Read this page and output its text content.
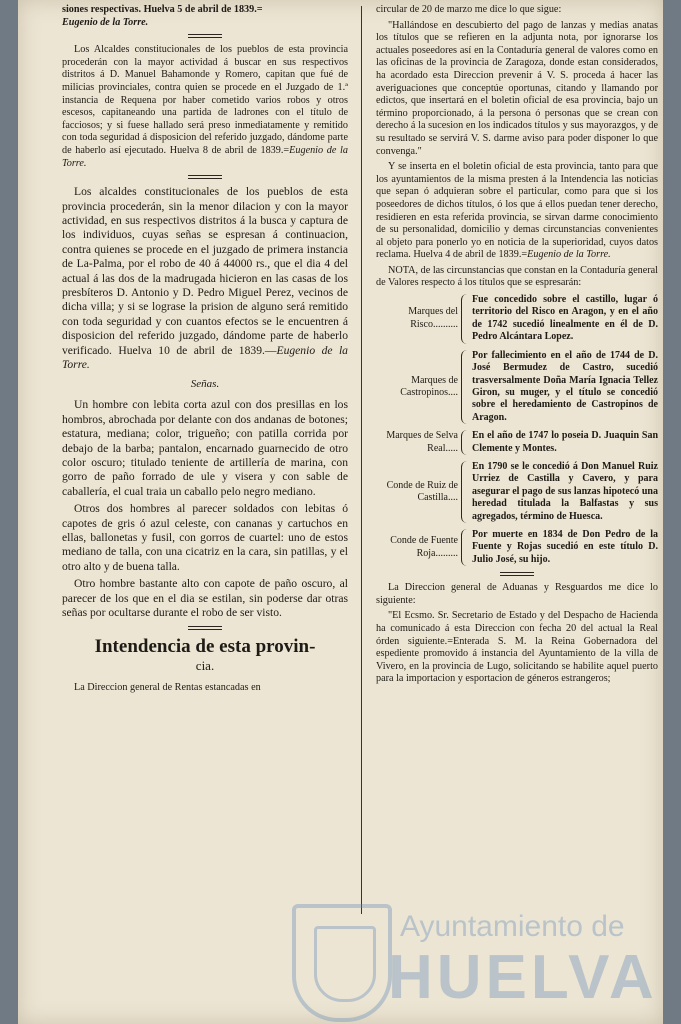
siones respectivas. Huelva 5 de abril de 1839.=
Eugenio de la Torre.

Los Alcaldes constitucionales de los pueblos de esta provincia procederán con la mayor actividad á buscar en sus respectivos distritos á D. Manuel Bahamonde y Romero, capitan que fué de milicias provinciales, contra quien se procede en el Juzgado de 1.ª instancia de Requena por haber cometido varios robos y otros escesos, capitaneando una partida de ladrones con el título de facciosos; y si fuese hallado será preso inmediatamente y remitido con toda seguridad á disposicion del referido juzgado, dándome parte de haberlo así ejecutado. Huelva 8 de abril de 1839.=Eugenio de la Torre.

Los alcaldes constitucionales de los pueblos de esta provincia procederán, sin la menor dilacion y con la mayor actividad, en sus respectivos distritos á la busca y captura de los individuos, cuyas señas se espresan á continuacion, contra quienes se procede en el juzgado de primera instancia de La-Palma, por el robo de 40 á 44000 rs., que el dia 4 del actual á las dos de la madrugada hicieron en las casas de los presbíteros D. Antonio y D. Pedro Miguel Perez, vecinos de dicha villa; y si se lograse la prision de alguno será remitido con toda seguridad y con cuantos efectos se le encuentren á disposicion del referido juzgado, dándome parte de haberlo verificado. Huelva 10 de abril de 1839.—Eugenio de la Torre.

Señas.

Un hombre con lebita corta azul con dos presillas en los hombros, abrochada por delante con dos andanas de botones; estatura, mediana; color, trigueño; con patilla corrida por debajo de la barba; pantalon, encarnado guarnecido de otro color oscuro; titulado teniente de artillería de marina, con gorro de paño forrado de ule y visera y con sable de caballería, el cual traia un caballo pelo negro mediano.

Otros dos hombres al parecer soldados con lebitas ó capotes de gris ó azul celeste, con cananas y cartuchos en ellas, ballonetas y fusil, con gorros de cuartel: uno de estos mediano de talla, con una cicatriz en la cara, sin patillas, y el otro alto y de buena talla.

Otro hombre bastante alto con capote de paño oscuro, al parecer de los que en el dia se estilan, sin poderse dar otras señas por ocultarse durante el robo de ser visto.

Intendencia de esta provin-
cia.

La Direccion general de Rentas estancadas en

circular de 20 de marzo me dice lo que sigue:

"Hallándose en descubierto del pago de lanzas y medias anatas los títulos que se refieren en la adjunta nota, por ignorarse los actuales poseedores así en la Contaduría general de valores como en las oficinas de la provincia de Zaragoza, donde estan considerados, ha acordado esta Direccion prevenir á V. S. proceda á hacer las averiguaciones que conceptúe oportunas, citando y llamando por edictos, que insertará en el boletin oficial de esa provincia, bajo un término proporcionado, á la persona ó personas que se crean con derecho á la sucesion en los indicados títulos y sus mayorazgos, y de su resultado se servirá V. S. darme aviso para poder disponer lo que convenga."

Y se inserta en el boletin oficial de esta provincia, tanto para que los ayuntamientos de la misma presten á la Intendencia las noticias que sepan ó adquieran sobre el particular, como para que si los poseedores de dichos títulos, ó los que á ellos puedan tener derecho, residieren en esta referida provincia, se sirvan darme conocimiento de su personalidad, domicilio y demas circunstancias convenientes al objeto para ponerlo yo en noticia de la superioridad, cuyos datos reclama. Huelva 4 de abril de 1839.=Eugenio de la Torre.

NOTA, de las circunstancias que constan en la Contaduría general de Valores respecto á los títulos que se espresarán:

Marques del Risco..........
Fue concedido sobre el castillo, lugar ó territorio del Risco en Aragon, y en el año de 1742 sucedió linealmente en él de D. Pedro Alcántara Lopez.
Marques de Castropinos....
Por fallecimiento en el año de 1744 de D. José Bermudez de Castro, sucedió trasversalmente Doña María Ignacia Tellez Giron, su muger, y el título se concedió sobre el heredamiento de Castropinos de Aragon.
Marques de Selva Real.....
En el año de 1747 lo poseia D. Juaquin San Clemente y Montes.
Conde de Ruiz de Castilla....
En 1790 se le concedió á Don Manuel Ruiz Urriez de Castilla y Cavero, y para asegurar el pago de sus lanzas hipotecó una heredad titulada la Balfastas y sus agregados, término de Huesca.
Conde de Fuente Roja.........
Por muerte en 1834 de Don Pedro de la Fuente y Rojas sucedió en este título D. Julio José, su hijo.

La Direccion general de Aduanas y Resguardos me dice lo siguiente:

"El Ecsmo. Sr. Secretario de Estado y del Despacho de Hacienda ha comunicado á esta Direccion con fecha 20 del actual la Real órden siguiente.=Enterada S. M. la Reina Gobernadora del espediente promovido á instancia del Ayuntamiento de la villa de Vivero, en la provincia de Lugo, solicitando se habilite aquel puerto para la importacion y esportacion de géneros estrangeros;

Ayuntamiento de
HUELVA
